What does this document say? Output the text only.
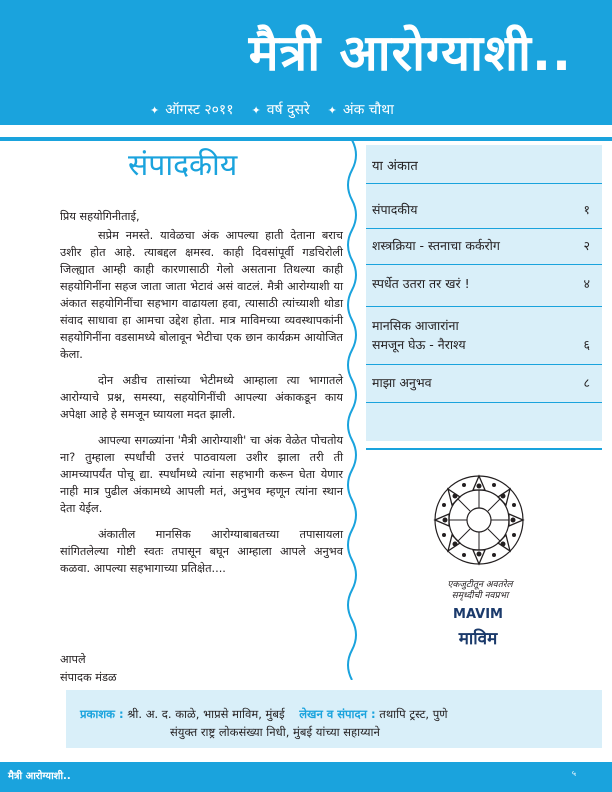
मैत्री आरोग्याशी..
✦ ऑगस्ट २०११ ✦ वर्ष दुसरे ✦ अंक चौथा
संपादकीय

प्रिय सहयोगिनीताई,

सप्रेम नमस्ते. यावेळचा अंक आपल्या हाती देताना बराच उशीर होत आहे. त्याबद्दल क्षमस्व. काही दिवसांपूर्वी गडचिरोली जिल्ह्यात आम्ही काही कारणासाठी गेलो असताना तिथल्या काही सहयोगिनींना सहज जाता जाता भेटावं असं वाटलं. मैत्री आरोग्याशी या अंकात सहयोगिनींचा सहभाग वाढायला हवा, त्यासाठी त्यांच्याशी थोडा संवाद साधावा हा आमचा उद्देश होता. मात्र माविमच्या व्यवस्थापकांनी सहयोगिनींना वडसामध्ये बोलावून भेटीचा एक छान कार्यक्रम आयोजित केला.

दोन अडीच तासांच्या भेटीमध्ये आम्हाला त्या भागातले आरोग्याचे प्रश्न, समस्या, सहयोगिनींची आपल्या अंकाकडून काय अपेक्षा आहे हे समजून घ्यायला मदत झाली.

आपल्या सगळ्यांना 'मैत्री आरोग्याशी' चा अंक वेळेत पोचतोय ना? तुम्हाला स्पर्धांची उत्तरं पाठवायला उशीर झाला तरी ती आमच्यापर्यंत पोचू द्या. स्पर्धांमध्ये त्यांना सहभागी करून घेता येणार नाही मात्र पुढील अंकामध्ये आपली मतं, अनुभव म्हणून त्यांना स्थान देता येईल.

अंकातील मानसिक आरोग्याबाबतच्या तपासायला सांगितलेल्या गोष्टी स्वतः तपासून बघून आम्हाला आपले अनुभव कळवा. आपल्या सहभागाच्या प्रतिक्षेत....

आपले
संपादक मंडळ
या अंकात
संपादकीय	१
शस्त्रक्रिया - स्तनाचा कर्करोग	२
स्पर्धेत उतरा तर खरं !	४
मानसिक आजारांना
समजून घेऊ - नैराश्य	६
माझा अनुभव	८
एकजुटीतून अवतरेल समृध्दीची नवप्रभा
MAVIM
माविम
प्रकाशक : श्री. अ. द. काळे, भाप्रसे माविम, मुंबई लेखन व संपादन : तथापि ट्रस्ट, पुणे
संयुक्त राष्ट्र लोकसंख्या निधी, मुंबई यांच्या सहाय्याने
मैत्री आरोग्याशी..	५
